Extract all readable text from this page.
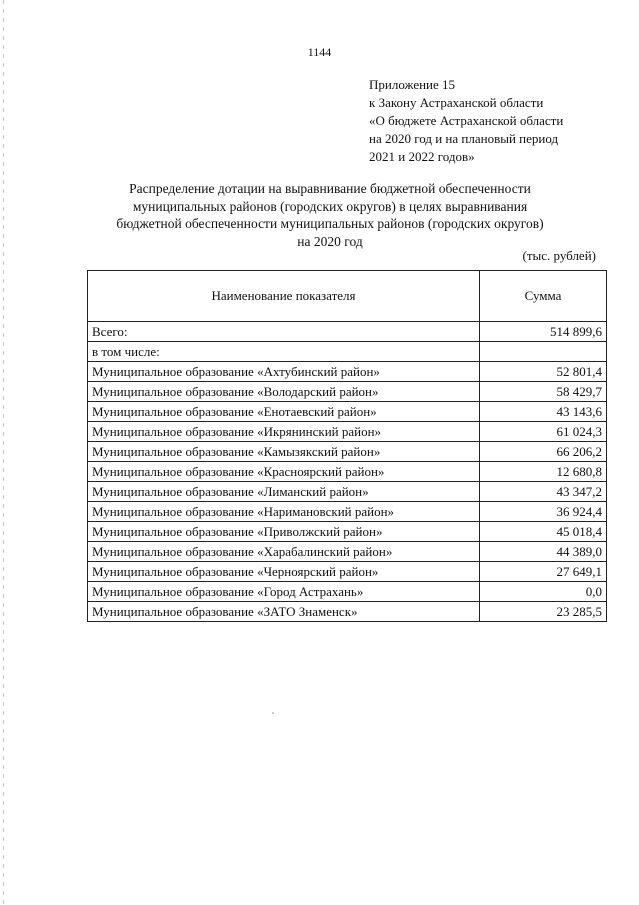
1144
Приложение 15
к Закону Астраханской области
«О бюджете Астраханской области
на 2020 год и на плановый период
2021 и 2022 годов»
Распределение дотации на выравнивание бюджетной обеспеченности
муниципальных районов (городских округов) в целях выравнивания
бюджетной обеспеченности муниципальных районов (городских округов)
на 2020 год
(тыс. рублей)
Наименование показателя	Сумма
Всего:	514 899,6
в том числе:	
Муниципальное образование «Ахтубинский район»	52 801,4
Муниципальное образование «Володарский район»	58 429,7
Муниципальное образование «Енотаевский район»	43 143,6
Муниципальное образование «Икрянинский район»	61 024,3
Муниципальное образование «Камызякский район»	66 206,2
Муниципальное образование «Красноярский район»	12 680,8
Муниципальное образование «Лиманский район»	43 347,2
Муниципальное образование «Наримановский район»	36 924,4
Муниципальное образование «Приволжский район»	45 018,4
Муниципальное образование «Харабалинский район»	44 389,0
Муниципальное образование «Черноярский район»	27 649,1
Муниципальное образование «Город Астрахань»	0,0
Муниципальное образование «ЗАТО Знаменск»	23 285,5
